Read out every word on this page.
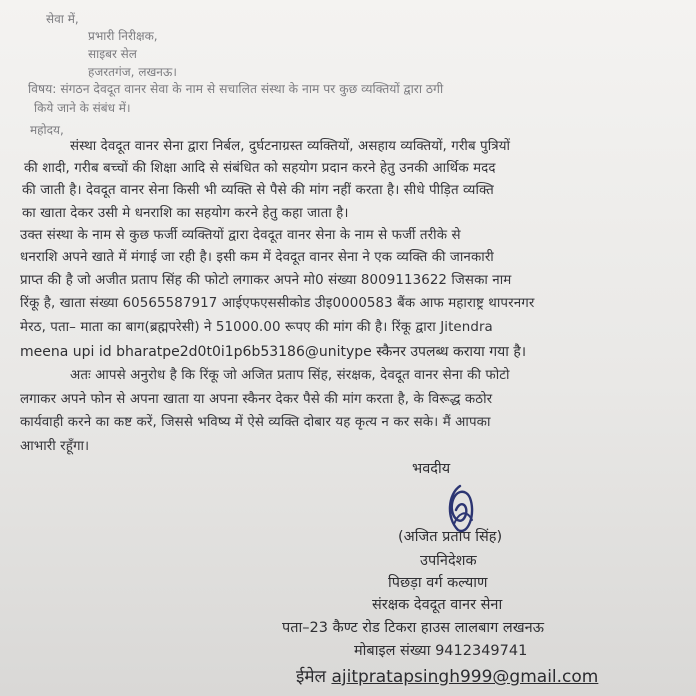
सेवा में,
प्रभारी निरीक्षक,
साइबर सेल
हजरतगंज, लखनऊ।
विषय: संगठन देवदूत वानर सेवा के नाम से सचालित संस्था के नाम पर कुछ व्यक्तियों द्वारा ठगी
किये जाने के संबंध में।
महोदय,
संस्था देवदूत वानर सेना द्वारा निर्बल, दुर्घटनाग्रस्त व्यक्तियों, असहाय व्यक्तियों, गरीब पुत्रियों
की शादी, गरीब बच्चों की शिक्षा आदि से संबंधित को सहयोग प्रदान करने हेतु उनकी आर्थिक मदद
की जाती है। देवदूत वानर सेना किसी भी व्यक्ति से पैसे की मांग नहीं करता है। सीधे पीड़ित व्यक्ति
का खाता देकर उसी मे धनराशि का सहयोग करने हेतु कहा जाता है।
उक्त संस्था के नाम से कुछ फर्जी व्यक्तियों द्वारा देवदूत वानर सेना के नाम से फर्जी तरीके से
धनराशि अपने खाते में मंगाई जा रही है। इसी कम में देवदूत वानर सेना ने एक व्यक्ति की जानकारी
प्राप्त की है जो अजीत प्रताप सिंह की फोटो लगाकर अपने मो0 संख्या 8009113622 जिसका नाम
रिंकू है, खाता संख्या 60565587917 आईएफएससीकोड उीइ0000583 बैंक आफ महाराष्ट्र थापरनगर
मेरठ, पता– माता का बाग(ब्रह्मपरेसी) ने 51000.00 रूपए की मांग की है। रिंकू द्वारा Jitendra
meena upi id bharatpe2d0t0i1p6b53186@unitype स्कैनर उपलब्ध कराया गया है।
अतः आपसे अनुरोध है कि रिंकू जो अजित प्रताप सिंह, संरक्षक, देवदूत वानर सेना की फोटो
लगाकर अपने फोन से अपना खाता या अपना स्कैनर देकर पैसे की मांग करता है, के विरूद्ध कठोर
कार्यवाही करने का कष्ट करें, जिससे भविष्य में ऐसे व्यक्ति दोबार यह कृत्य न कर सके। मैं आपका
आभारी रहूँगा।
भवदीय
(अजित प्रताप सिंह)
उपनिदेशक
पिछड़ा वर्ग कल्याण
संरक्षक देवदूत वानर सेना
पता–23 कैण्ट रोड टिकरा हाउस लालबाग लखनऊ
मोबाइल संख्या 9412349741
ईमेल ajitpratapsingh999@gmail.com
